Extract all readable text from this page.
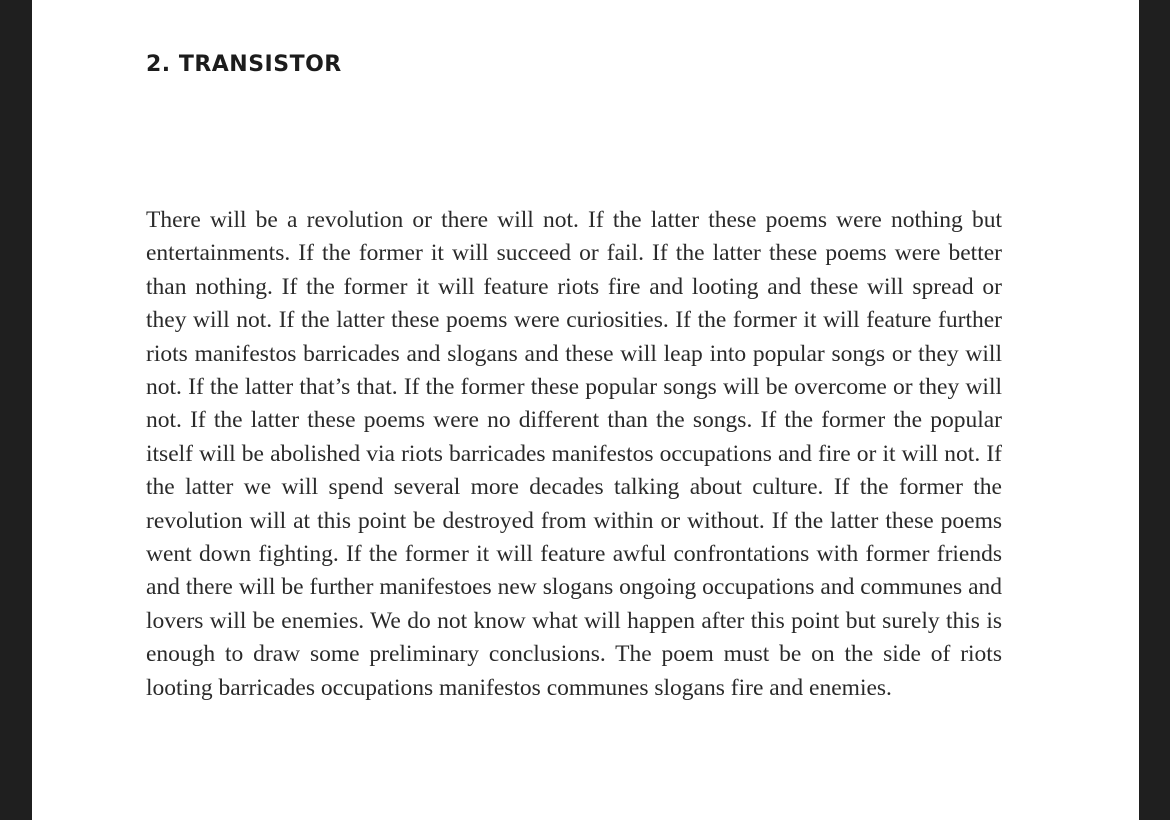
2. TRANSISTOR

There will be a revolution or there will not. If the latter these poems were nothing but entertainments. If the former it will succeed or fail. If the latter these poems were better than nothing. If the former it will feature riots fire and looting and these will spread or they will not. If the latter these poems were curiosities. If the former it will feature further riots manifestos barricades and slogans and these will leap into popular songs or they will not. If the latter that’s that. If the former these popular songs will be overcome or they will not. If the latter these poems were no different than the songs. If the former the popular itself will be abolished via riots barricades manifestos occupations and fire or it will not. If the latter we will spend several more decades talking about culture. If the former the revolution will at this point be destroyed from within or without. If the latter these poems went down fighting. If the former it will feature awful confrontations with former friends and there will be further manifestoes new slogans ongoing occupations and communes and lovers will be enemies. We do not know what will happen after this point but surely this is enough to draw some preliminary conclusions. The poem must be on the side of riots looting barricades occupations manifestos communes slogans fire and enemies.
